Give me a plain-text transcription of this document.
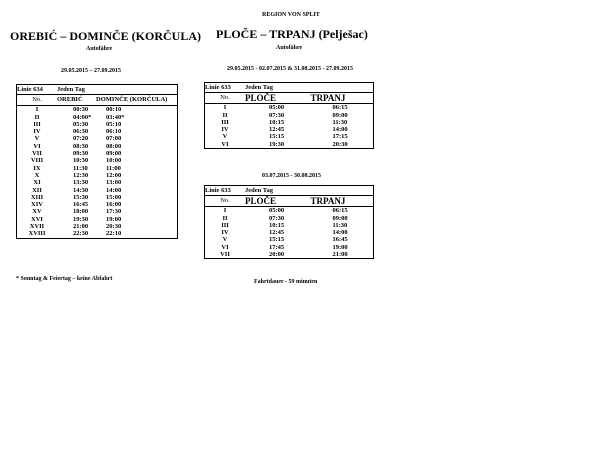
REGION VON SPLIT
OREBIĆ – DOMINČE (KORČULA)
Autofähre
29.05.2015 – 27.09.2015
Linie 634	Jeden Tag	
No.	OREBIĆ	DOMINČE (KORČULA)
I	00:30	00:10
II	04:00*	03:40*
III	05:30	05:10
IV	06:30	06:10
V	07:20	07:00
VI	08:30	08:00
VII	09:30	09:00
VIII	10:30	10:00
IX	11:30	11:00
X	12:30	12:00
XI	13:30	13:00
XII	14:30	14:00
XIII	15:30	15:00
XIV	16:45	16:00
XV	18:00	17:30
XVI	19:30	19:00
XVII	21:00	20:30
XVIII	22:30	22:10
* Sonntag & Feiertag – keine Abfahrt
PLOČE – TRPANJ (Pelješac)
Autofähre
29.05.2015 - 02.07.2015 & 31.08.2015 - 27.09.2015
Linie 633	Jeden Tag	
No.	PLOČE	TRPANJ
I	05:00	06:15
II	07:30	09:00
III	10:15	11:30
IV	12:45	14:00
V	15:15	17:15
VI	19:30	20:30
03.07.2015 - 30.08.2015
Linie 633	Jeden Tag	
No.	PLOČE	TRPANJ
I	05:00	06:15
II	07:30	09:00
III	10:15	11:30
IV	12:45	14:00
V	15:15	16:45
VI	17:45	19:00
VII	20:00	21:00
Fahrtdauer - 59 minuten
